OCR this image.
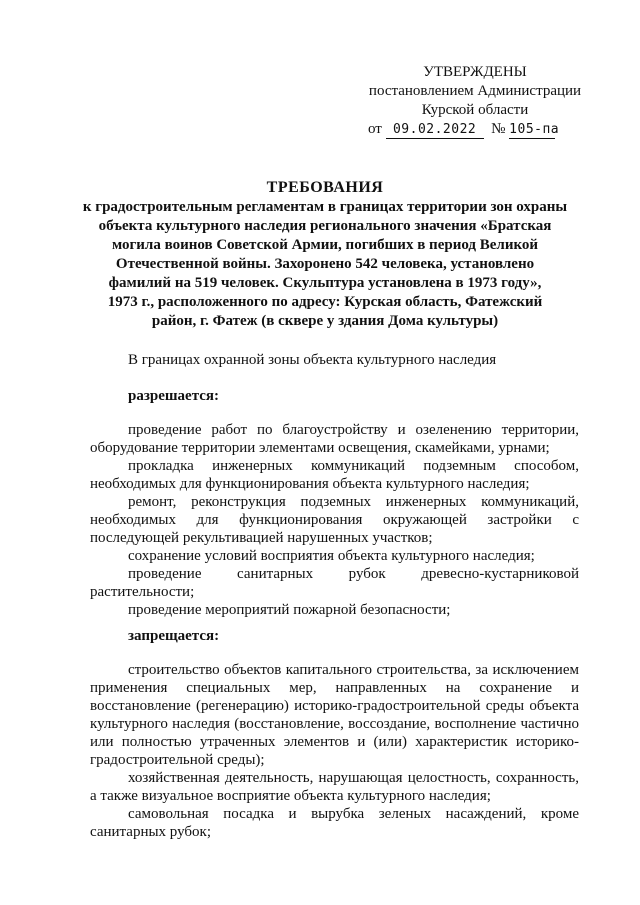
УТВЕРЖДЕНЫ
постановлением Администрации
Курской области
от 09.02.2022 № 105-па
ТРЕБОВАНИЯ
к градостроительным регламентам в границах территории зон охраны
объекта культурного наследия регионального значения «Братская
могила воинов Советской Армии, погибших в период Великой
Отечественной войны. Захоронено 542 человека, установлено
фамилий на 519 человек. Скульптура установлена в 1973 году»,
1973 г., расположенного по адресу: Курская область, Фатежский
район, г. Фатеж (в сквере у здания Дома культуры)
В границах охранной зоны объекта культурного наследия
разрешается:

проведение работ по благоустройству и озеленению территории, оборудование территории элементами освещения, скамейками, урнами;

прокладка инженерных коммуникаций подземным способом, необходимых для функционирования объекта культурного наследия;

ремонт, реконструкция подземных инженерных коммуникаций, необходимых для функционирования окружающей застройки с последующей рекультивацией нарушенных участков;

сохранение условий восприятия объекта культурного наследия;

проведение санитарных рубок древесно-кустарниковой растительности;

проведение мероприятий пожарной безопасности;

запрещается:

строительство объектов капитального строительства, за исключением применения специальных мер, направленных на сохранение и восстановление (регенерацию) историко-градостроительной среды объекта культурного наследия (восстановление, воссоздание, восполнение частично или полностью утраченных элементов и (или) характеристик историко-градостроительной среды);

хозяйственная деятельность, нарушающая целостность, сохранность, а также визуальное восприятие объекта культурного наследия;

самовольная посадка и вырубка зеленых насаждений, кроме санитарных рубок;
